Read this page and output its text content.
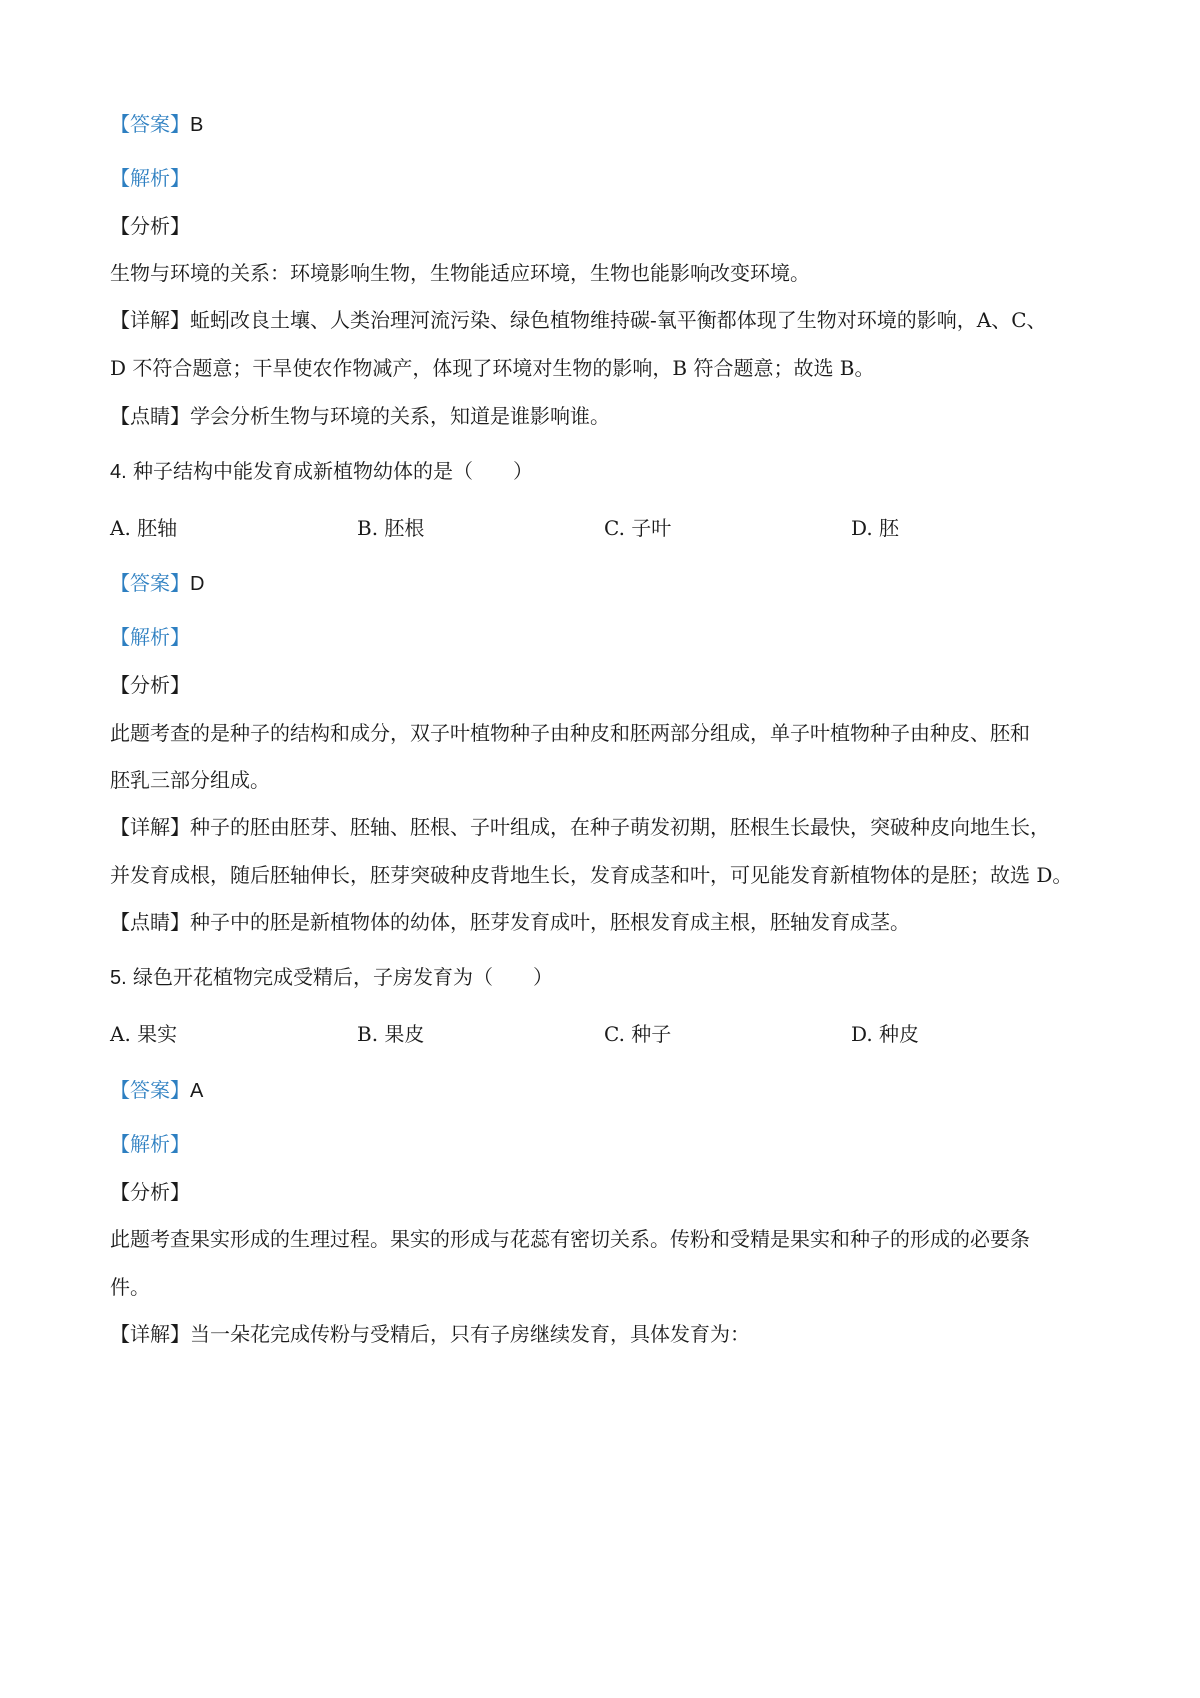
【答案】B
【解析】
【分析】
生物与环境的关系：环境影响生物，生物能适应环境，生物也能影响改变环境。
【详解】蚯蚓改良土壤、人类治理河流污染、绿色植物维持碳-氧平衡都体现了生物对环境的影响，A、C、
D 不符合题意；干旱使农作物减产，体现了环境对生物的影响，B 符合题意；故选 B。
【点睛】学会分析生物与环境的关系，知道是谁影响谁。
4. 种子结构中能发育成新植物幼体的是（　　）
A. 胚轴	B. 胚根	C. 子叶	D. 胚
【答案】D
【解析】
【分析】
此题考查的是种子的结构和成分，双子叶植物种子由种皮和胚两部分组成，单子叶植物种子由种皮、胚和
胚乳三部分组成。
【详解】种子的胚由胚芽、胚轴、胚根、子叶组成，在种子萌发初期，胚根生长最快，突破种皮向地生长，
并发育成根，随后胚轴伸长，胚芽突破种皮背地生长，发育成茎和叶，可见能发育新植物体的是胚；故选 D。
【点睛】种子中的胚是新植物体的幼体，胚芽发育成叶，胚根发育成主根，胚轴发育成茎。
5. 绿色开花植物完成受精后，子房发育为（　　）
A. 果实	B. 果皮	C. 种子	D. 种皮
【答案】A
【解析】
【分析】
此题考查果实形成的生理过程。果实的形成与花蕊有密切关系。传粉和受精是果实和种子的形成的必要条
件。
【详解】当一朵花完成传粉与受精后，只有子房继续发育，具体发育为：
